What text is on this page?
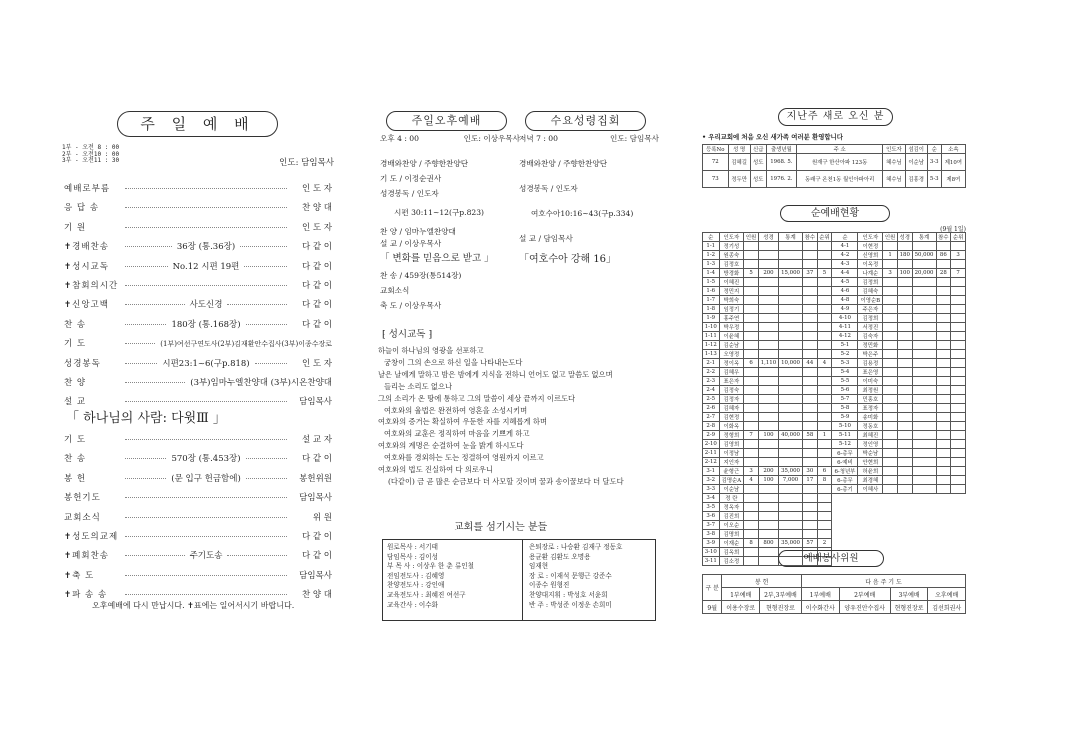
주 일 예 배
1부 - 오전 8 : 00
2부 - 오전10 : 00
3부 - 오전11 : 30	인도: 담임목사
예배로부름	인 도 자
응 답 송	찬 양 대
기 원	인 도 자
✝경배찬송	36장 (통.36장)	다 같 이
✝성시교독	No.12 시편 19편	다 같 이
✝참회의시간	다 같 이
✝신앙고백	사도신경	다 같 이
찬 송	180장 (통.168장)	다 같 이
기 도	(1부)여선구연도사(2부)김재환안수집사(3부)이종수장로
성경봉독	시편23:1~6(구p.818)	인 도 자
찬 양	(3부)임마누엘찬양대 (3부)시온찬양대
설 교	담임목사
「 하나님의 사람: 다윗Ⅲ 」
기 도	설 교 자
찬 송	570장 (통.453장)	다 같 이
봉 헌	(문 입구 헌금함에)	봉헌위원
봉헌기도	담임목사
교회소식	위 원
✝성도의교제	다 같 이
✝폐회찬송	주기도송	다 같 이
✝축 도	담임목사
✝파 송 송	찬 양 대
오후예배에 다시 만납시다. ✝표에는 일어서시기 바랍니다.
주일오후예배	수요성령집회
오후 4 : 00	인도: 이상우목사
경배와찬양 / 주향한찬양단
기 도 / 이정순권사
성경봉독 / 인도자
시편 30:11~12(구p.823)
찬 양 / 임마누엘찬양대
설 교 / 이상우목사
「 변화를 믿음으로 받고 」
찬 송 / 459장(통514장)
교회소식
축 도 / 이상우목사
저녁 7 : 00	인도: 담임목사
경배와찬양 / 주향한찬양단
성경봉독 / 인도자
여호수아10:16~43(구p.334)
설 교 / 담임목사
「여호수아 강해 16」
⁅ 성시교독 ⁆
하늘이 하나님의 영광을 선포하고
궁창이 그의 손으로 하신 일을 나타내는도다
날은 날에게 말하고 밤은 밤에게 지식을 전하니 언어도 없고 말씀도 없으며
들리는 소리도 없으나
그의 소리가 온 땅에 통하고 그의 말씀이 세상 끝까지 이르도다
여호와의 율법은 완전하여 영혼을 소성시키며
여호와의 증거는 확실하여 우둔한 자를 지혜롭게 하며
여호와의 교훈은 정직하여 마음을 기쁘게 하고
여호와의 계명은 순결하여 눈을 밝게 하시도다
여호와를 경외하는 도는 정결하여 영원까지 이르고
여호와의 법도 진실하여 다 의로우니
(다같이) 금 곧 많은 순금보다 더 사모할 것이며 꿀과 송이꿀보다 더 달도다
교회를 섬기시는 분들
원로목사 : 서기태
담임목사 : 김이성
부 목 사 : 이상우 한 춘 류인철
전임전도사 : 김혜영
찬양전도사 : 강인애
교육전도사 : 최혜진 여선구
교육간사 : 이수화
은퇴장로 : 나승환 김재구 정동호
용균환 김환도 오명용
임재현
장 로 : 이재석 문행근 강준수
이종수 원형진
찬양대지휘 : 박성호 서윤희
반 주 : 박성준 이정운 손희미
지난주 새로 오신 분
• 우리교회에 처음 오신 새가족 여러분 환영합니다
등록No	성 명	신급	출생년월	주 소	인도자	섬김이	순	소속
72	김혜길	성도	1968. 5.	원재구 한산아파 123동	혜수님	이순남	3-3	제10여
73	정두만	성도	1976. 2.	동래구 온천1동 월인아파아리	혜수님	김흥경	5-3	제8여
순예배현황
(9월 1일)
순	인도자	인원	성경	통계	참수	순위	순	인도자	인원	성경	통계	참수	순위
1-1	정기성						4-1	이현정					
1-2	원종숙						4-2	신영희	1	180	50,000	86	3
1-3	김정호						4-3	이옥정					
1-4	방경화	5	200	15,000	37	5	4-4	나계순	3	100	20,000	28	7
1-5	이혜진						4-5	김정희					
1-6	정민지						4-6	김혜숙					
1-7	박희숙						4-8	이영순B					
1-8	임정기						4-9	주은자					
1-9	홍주연						4-10	김정희					
1-10	박우정						4-11	서정진					
1-11	이윤혜						4-12	김숙자					
1-12	김순남						5-1	정민화					
1-13	오영정						5-2	박은주					
2-1	정이옥	6	1,110	10,000	44	4	5-3	김용정					
2-2	김혜우						5-4	표은영					
2-3	표은자						5-5	이미숙					
2-4	김정숙						5-6	최정원					
2-5	김정자						5-7	민홍호					
2-6	김혜자						5-8	표정자					
2-7	김현정						5-9	송미화					
2-8	이화옥						5-10	정동호					
2-9	정형희	7	100	40,000	58	1	5-11	최혜진					
2-10	김영희						5-12	정인영					
2-11	이정남						6-총무	박순남					
2-12	지인자						6-예비	안현희					
3-1	윤형근	3	200	35,000	30	6	6-청년부	허윤희					
3-2	김명순A	4	100	7,000	17	8	6-총무	최경혜					
3-3	이순남						6-총기	이혜사					
3-4	정 란												
3-5	정옥자												
3-6	김진희												
3-7	이오순												
3-8	김명희												
3-9	이재순	8	800	35,000	57	2							
3-10	김옥희												
3-11	김소정													예배봉사위원
구 분	봉 헌		다 음 주 기 도			
	1부예배	2부,3부예배	1부예배	2부예배	3부예배	오후예배
9월	이용수장로	현형진장로	이수화간사	양우진안수집사	현형진장로	김선희권사
